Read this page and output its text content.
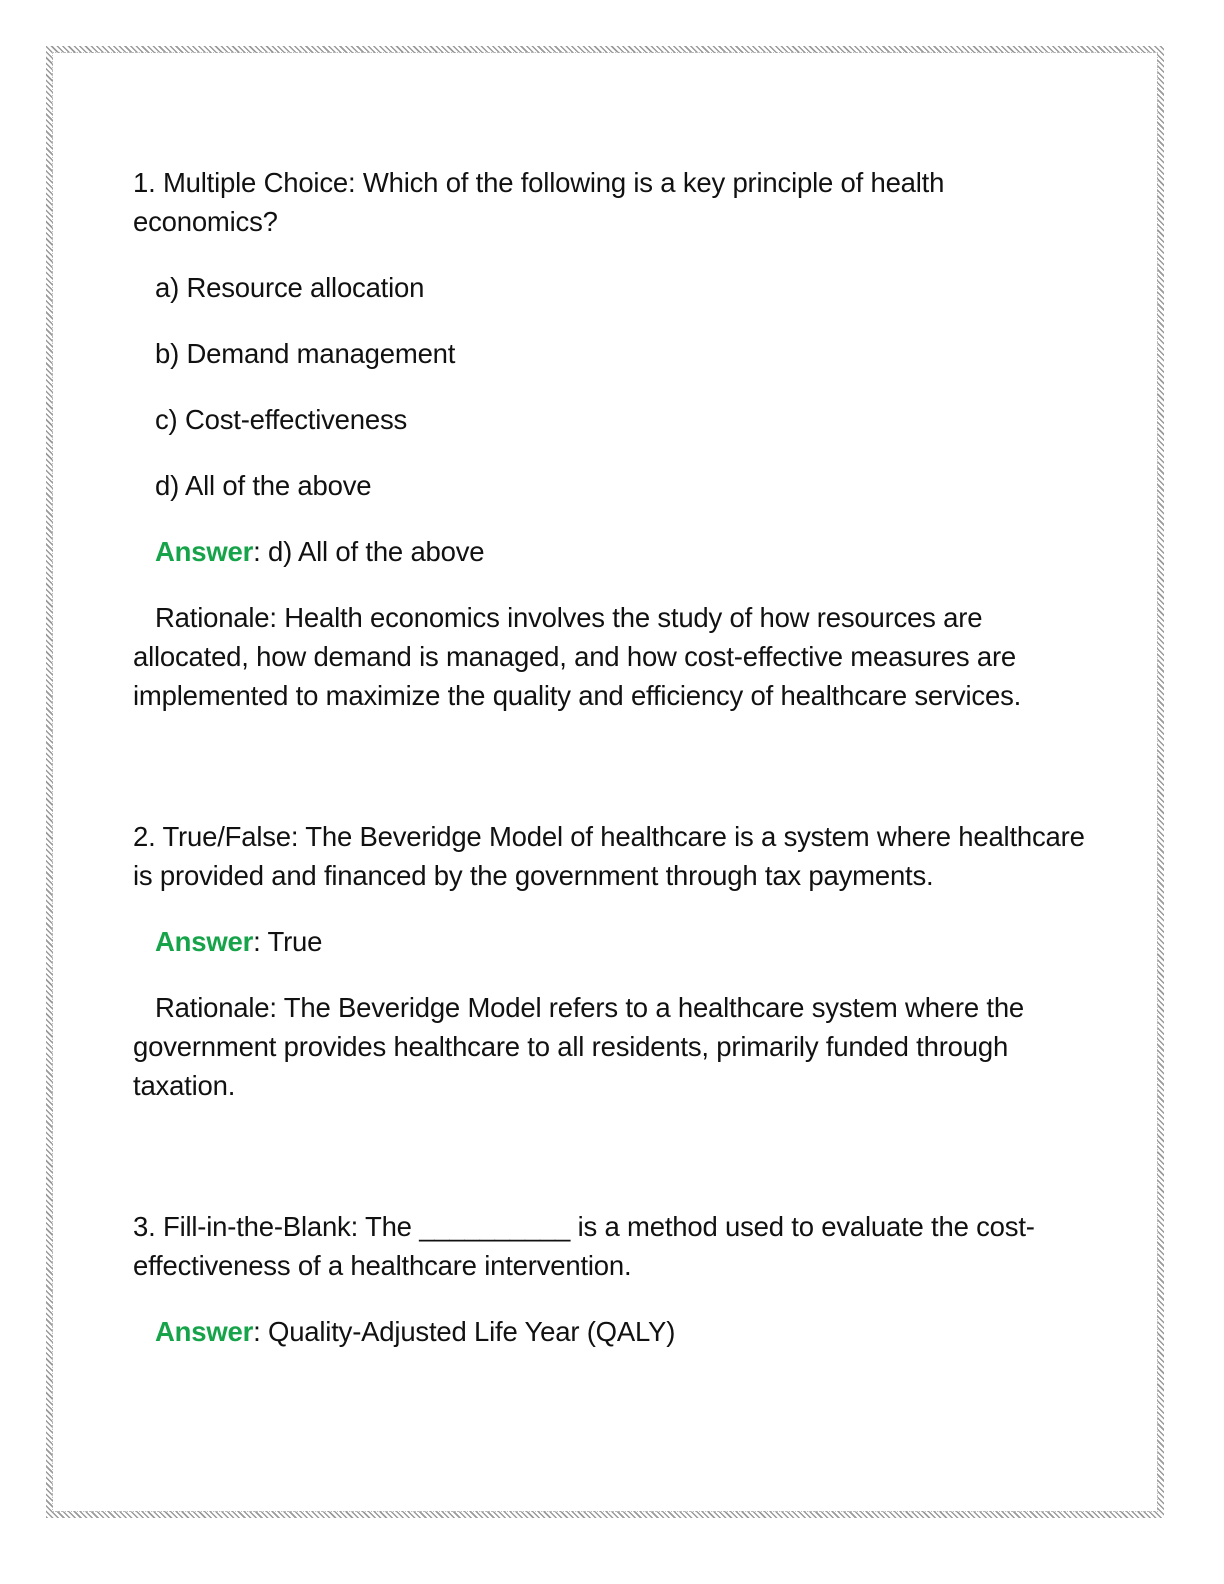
1. Multiple Choice: Which of the following is a key principle of health economics?

a) Resource allocation

b) Demand management

c) Cost-effectiveness

d) All of the above

Answer: d) All of the above

Rationale: Health economics involves the study of how resources are allocated, how demand is managed, and how cost-effective measures are implemented to maximize the quality and efficiency of healthcare services.

2. True/False: The Beveridge Model of healthcare is a system where healthcare is provided and financed by the government through tax payments.

Answer: True

Rationale: The Beveridge Model refers to a healthcare system where the government provides healthcare to all residents, primarily funded through taxation.

3. Fill-in-the-Blank: The __________ is a method used to evaluate the cost-effectiveness of a healthcare intervention.

Answer: Quality-Adjusted Life Year (QALY)
